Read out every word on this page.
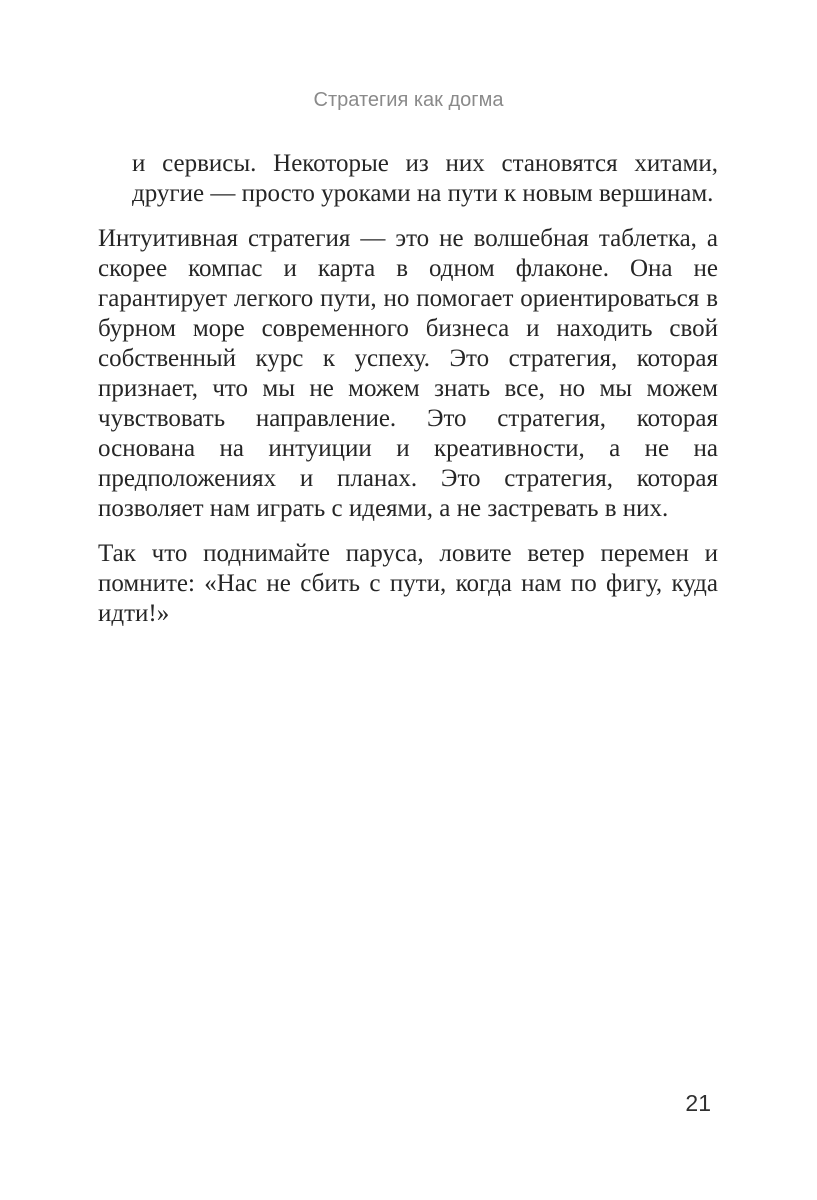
Стратегия как догма

и сервисы. Некоторые из них становятся хитами, другие — просто уроками на пути к новым вершинам.

Интуитивная стратегия — это не волшебная таблетка, а скорее компас и карта в одном флаконе. Она не гарантирует легкого пути, но помогает ориентироваться в бурном море современного бизнеса и находить свой собственный курс к успеху. Это стратегия, которая признает, что мы не можем знать все, но мы можем чувствовать направление. Это стратегия, которая основана на интуиции и креативности, а не на предположениях и планах. Это стратегия, которая позволяет нам играть с идеями, а не застревать в них.

Так что поднимайте паруса, ловите ветер перемен и помните: «Нас не сбить с пути, когда нам по фигу, куда идти!»

21
